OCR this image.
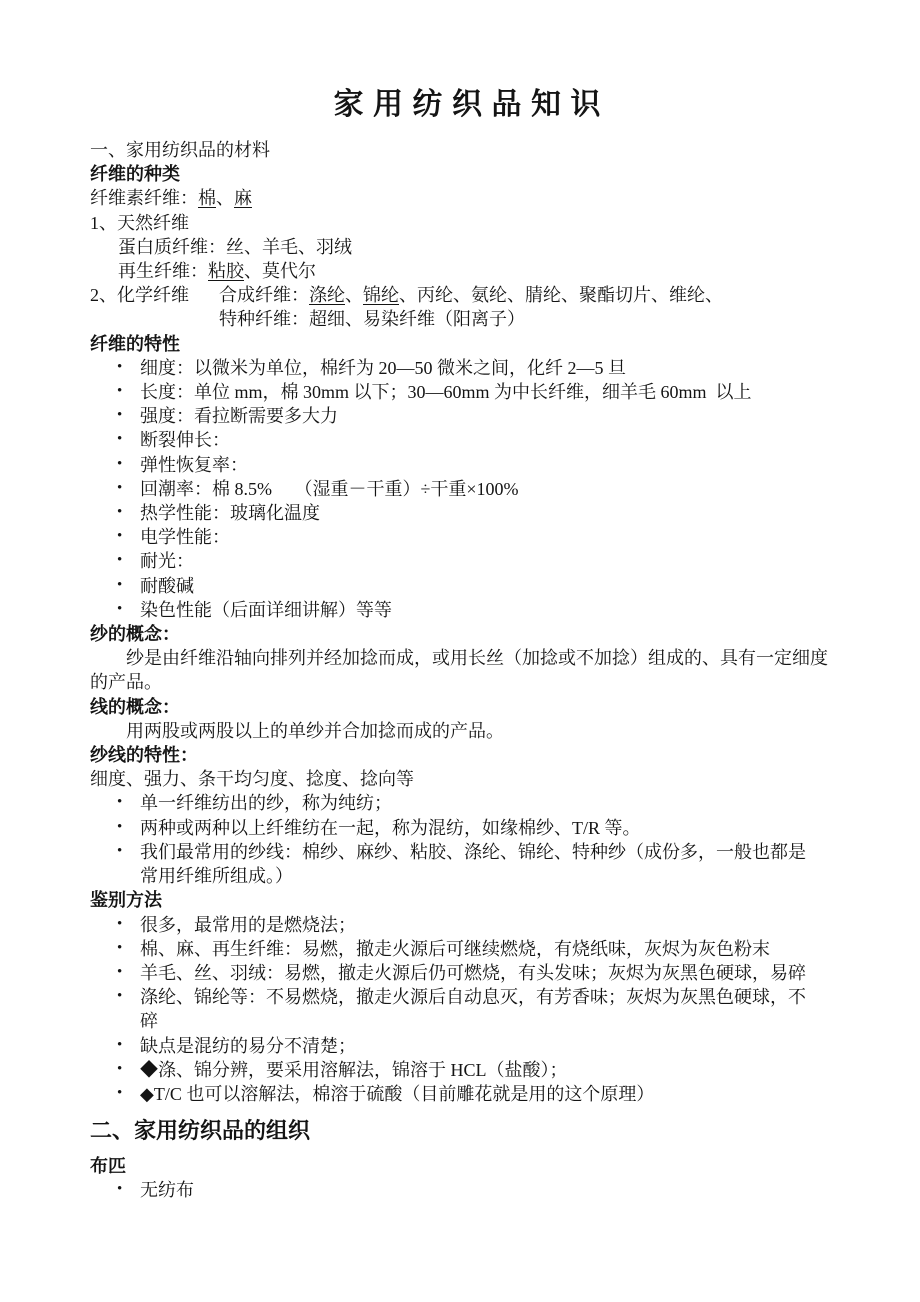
家 用 纺 织 品 知 识
一、家用纺织品的材料
纤维的种类
纤维素纤维：棉、麻
1、天然纤维
蛋白质纤维：丝、羊毛、羽绒
再生纤维：粘胶、莫代尔
2、化学纤维	合成纤维：涤纶、锦纶、丙纶、氨纶、腈纶、聚酯切片、维纶、
特种纤维：超细、易染纤维（阳离子）
纤维的特性
• 细度：以微米为单位，棉纤为 20—50 微米之间，化纤 2—5 旦
• 长度：单位 mm，棉 30mm 以下；30—60mm 为中长纤维，细羊毛 60mm  以上
• 强度：看拉断需要多大力
• 断裂伸长：
• 弹性恢复率：
• 回潮率：棉 8.5%     （湿重－干重）÷干重×100%
• 热学性能：玻璃化温度
• 电学性能：
• 耐光：
• 耐酸碱
• 染色性能（后面详细讲解）等等
纱的概念：
纱是由纤维沿轴向排列并经加捻而成，或用长丝（加捻或不加捻）组成的、具有一定细度
的产品。
线的概念：
用两股或两股以上的单纱并合加捻而成的产品。
纱线的特性：
细度、强力、条干均匀度、捻度、捻向等
• 单一纤维纺出的纱，称为纯纺；
• 两种或两种以上纤维纺在一起，称为混纺，如缘棉纱、T/R 等。
• 我们最常用的纱线：棉纱、麻纱、粘胶、涤纶、锦纶、特种纱（成份多，一般也都是
常用纤维所组成。）
鉴别方法
• 很多，最常用的是燃烧法；
• 棉、麻、再生纤维：易燃，撤走火源后可继续燃烧，有烧纸味，灰烬为灰色粉末
• 羊毛、丝、羽绒：易燃，撤走火源后仍可燃烧，有头发味；灰烬为灰黑色硬球，易碎
• 涤纶、锦纶等：不易燃烧，撤走火源后自动息灭，有芳香味；灰烬为灰黑色硬球，不
碎
• 缺点是混纺的易分不清楚；
• ◆涤、锦分辨，要采用溶解法，锦溶于 HCL（盐酸）；
• ◆T/C 也可以溶解法，棉溶于硫酸（目前雕花就是用的这个原理）
二、家用纺织品的组织
布匹
• 无纺布
